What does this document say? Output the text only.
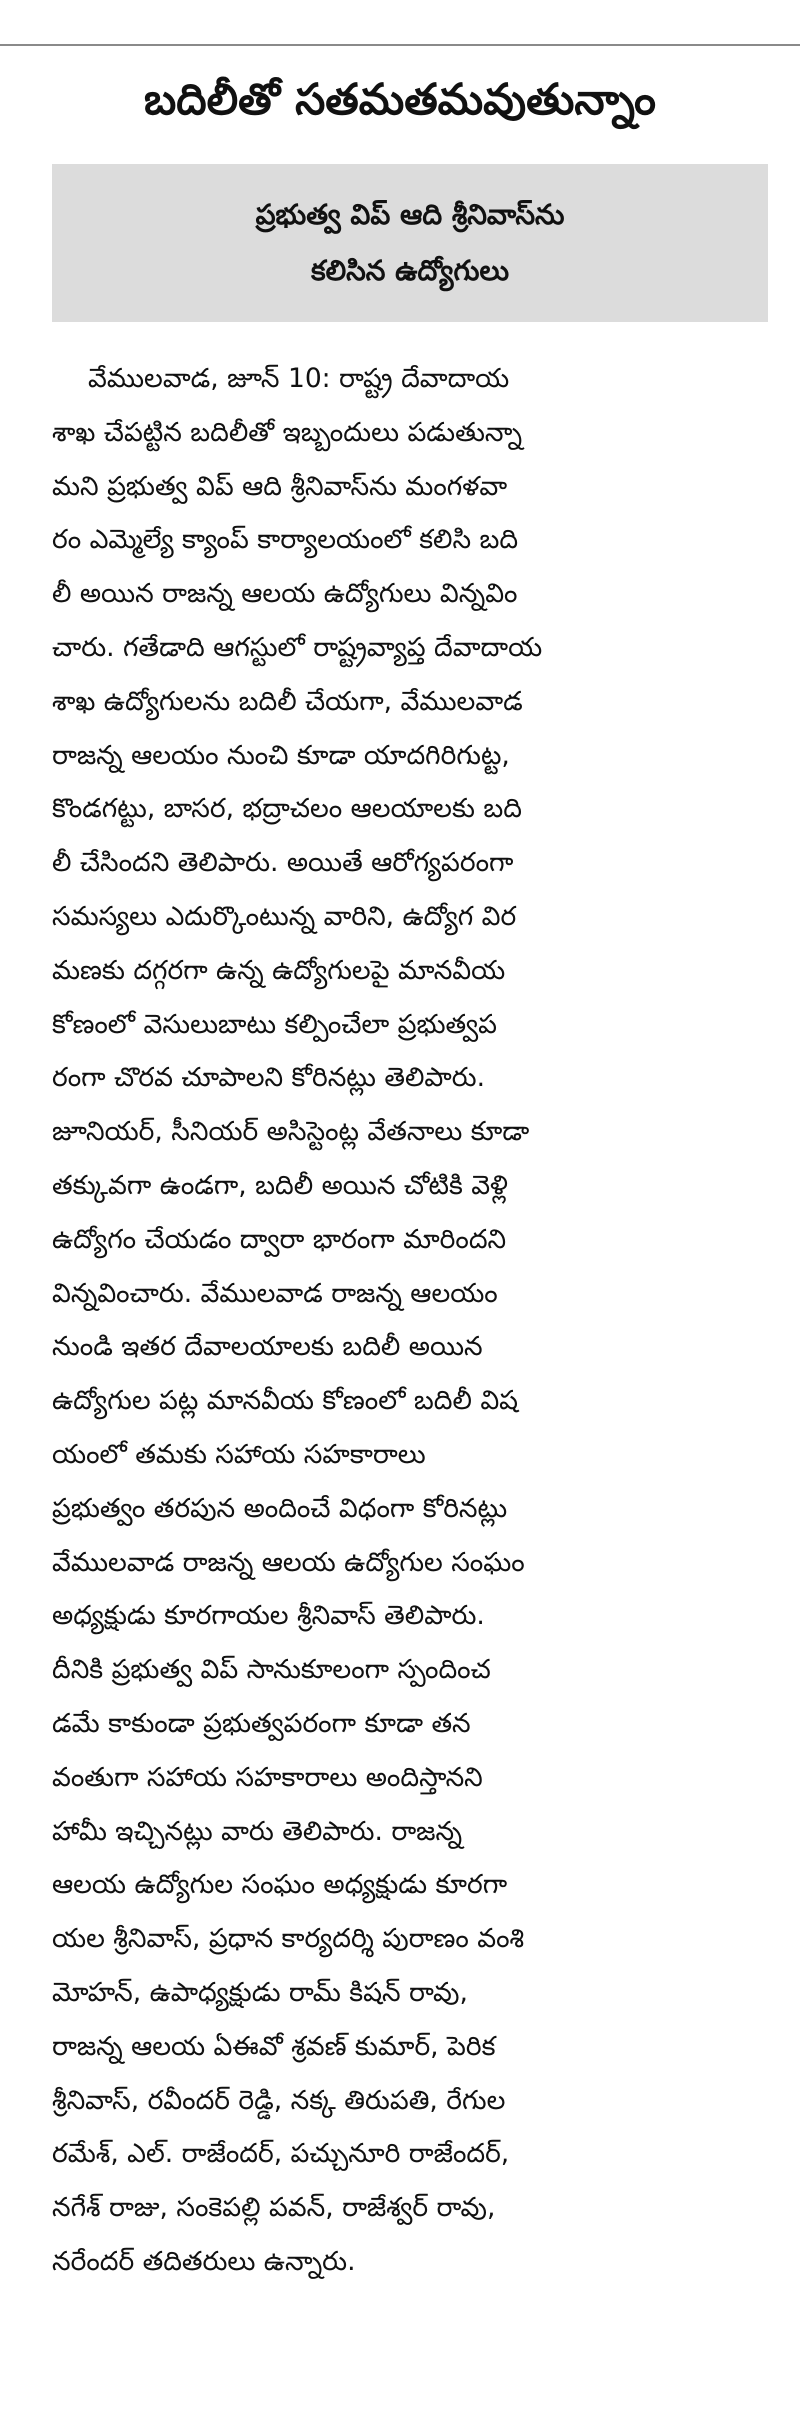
బదిలీతో సతమతమవుతున్నాం
ప్రభుత్వ విప్ ఆది శ్రీనివాస్‌ను
కలిసిన ఉద్యోగులు
వేములవాడ, జూన్ 10: రాష్ట్ర దేవాదాయ
శాఖ చేపట్టిన బదిలీతో ఇబ్బందులు పడుతున్నా
మని ప్రభుత్వ విప్ ఆది శ్రీనివాస్‌ను మంగళవా
రం ఎమ్మెల్యే క్యాంప్ కార్యాలయంలో కలిసి బది
లీ అయిన రాజన్న ఆలయ ఉద్యోగులు విన్నవిం
చారు. గతేడాది ఆగస్టులో రాష్ట్రవ్యాప్త దేవాదాయ
శాఖ ఉద్యోగులను బదిలీ చేయగా, వేములవాడ
రాజన్న ఆలయం నుంచి కూడా యాదగిరిగుట్ట,
కొండగట్టు, బాసర, భద్రాచలం ఆలయాలకు బది
లీ చేసిందని తెలిపారు. అయితే ఆరోగ్యపరంగా
సమస్యలు ఎదుర్కొంటున్న వారిని, ఉద్యోగ విర
మణకు దగ్గరగా ఉన్న ఉద్యోగులపై మానవీయ
కోణంలో వెసులుబాటు కల్పించేలా ప్రభుత్వప
రంగా చొరవ చూపాలని కోరినట్లు తెలిపారు.
జూనియర్, సీనియర్ అసిస్టెంట్ల వేతనాలు కూడా
తక్కువగా ఉండగా, బదిలీ అయిన చోటికి వెళ్లి
ఉద్యోగం చేయడం ద్వారా భారంగా మారిందని
విన్నవించారు. వేములవాడ రాజన్న ఆలయం
నుండి ఇతర దేవాలయాలకు బదిలీ అయిన
ఉద్యోగుల పట్ల మానవీయ కోణంలో బదిలీ విష
యంలో తమకు సహాయ సహకారాలు
ప్రభుత్వం తరపున అందించే విధంగా కోరినట్లు
వేములవాడ రాజన్న ఆలయ ఉద్యోగుల సంఘం
అధ్యక్షుడు కూరగాయల శ్రీనివాస్ తెలిపారు.
దీనికి ప్రభుత్వ విప్ సానుకూలంగా స్పందించ
డమే కాకుండా ప్రభుత్వపరంగా కూడా తన
వంతుగా సహాయ సహకారాలు అందిస్తానని
హామీ ఇచ్చినట్లు వారు తెలిపారు. రాజన్న
ఆలయ ఉద్యోగుల సంఘం అధ్యక్షుడు కూరగా
యల శ్రీనివాస్, ప్రధాన కార్యదర్శి పురాణం వంశి
మోహన్, ఉపాధ్యక్షుడు రామ్ కిషన్ రావు,
రాజన్న ఆలయ ఏఈవో శ్రవణ్ కుమార్, పెరిక
శ్రీనివాస్, రవీందర్ రెడ్డి, నక్క తిరుపతి, రేగుల
రమేశ్, ఎల్. రాజేందర్, పచ్చునూరి రాజేందర్,
నగేశ్ రాజు, సంకెపల్లి పవన్, రాజేశ్వర్ రావు,
నరేందర్ తదితరులు ఉన్నారు.
